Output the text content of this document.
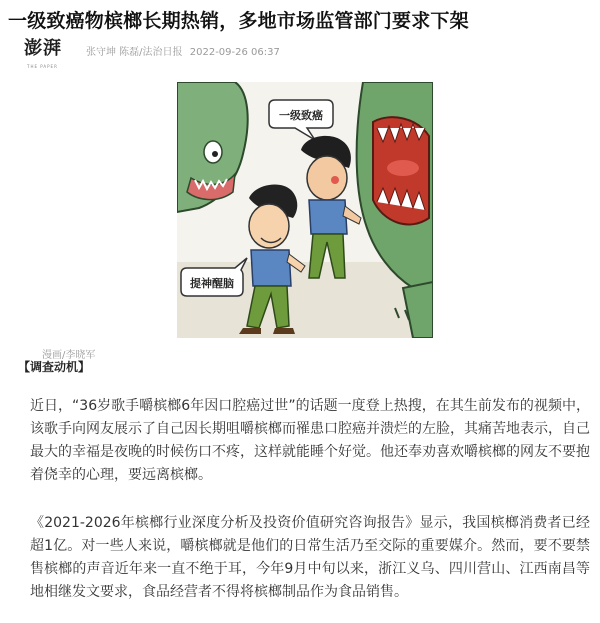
一级致癌物槟榔长期热销，多地市场监管部门要求下架
澎湃
THE PAPER
张守坤 陈磊/法治日报 2022-09-26 06:37
一级致癌
提神醒脑
漫画/李晓军
【调查动机】

近日，“36岁歌手嚼槟榔6年因口腔癌过世”的话题一度登上热搜，在其生前发布的视频中，该歌手向网友展示了自己因长期咀嚼槟榔而罹患口腔癌并溃烂的左脸，其痛苦地表示，自己最大的幸福是夜晚的时候伤口不疼，这样就能睡个好觉。他还奉劝喜欢嚼槟榔的网友不要抱着侥幸的心理，要远离槟榔。

《2021-2026年槟榔行业深度分析及投资价值研究咨询报告》显示，我国槟榔消费者已经超1亿。对一些人来说，嚼槟榔就是他们的日常生活乃至交际的重要媒介。然而，要不要禁售槟榔的声音近年来一直不绝于耳，今年9月中旬以来，浙江义乌、四川营山、江西南昌等地相继发文要求，食品经营者不得将槟榔制品作为食品销售。
